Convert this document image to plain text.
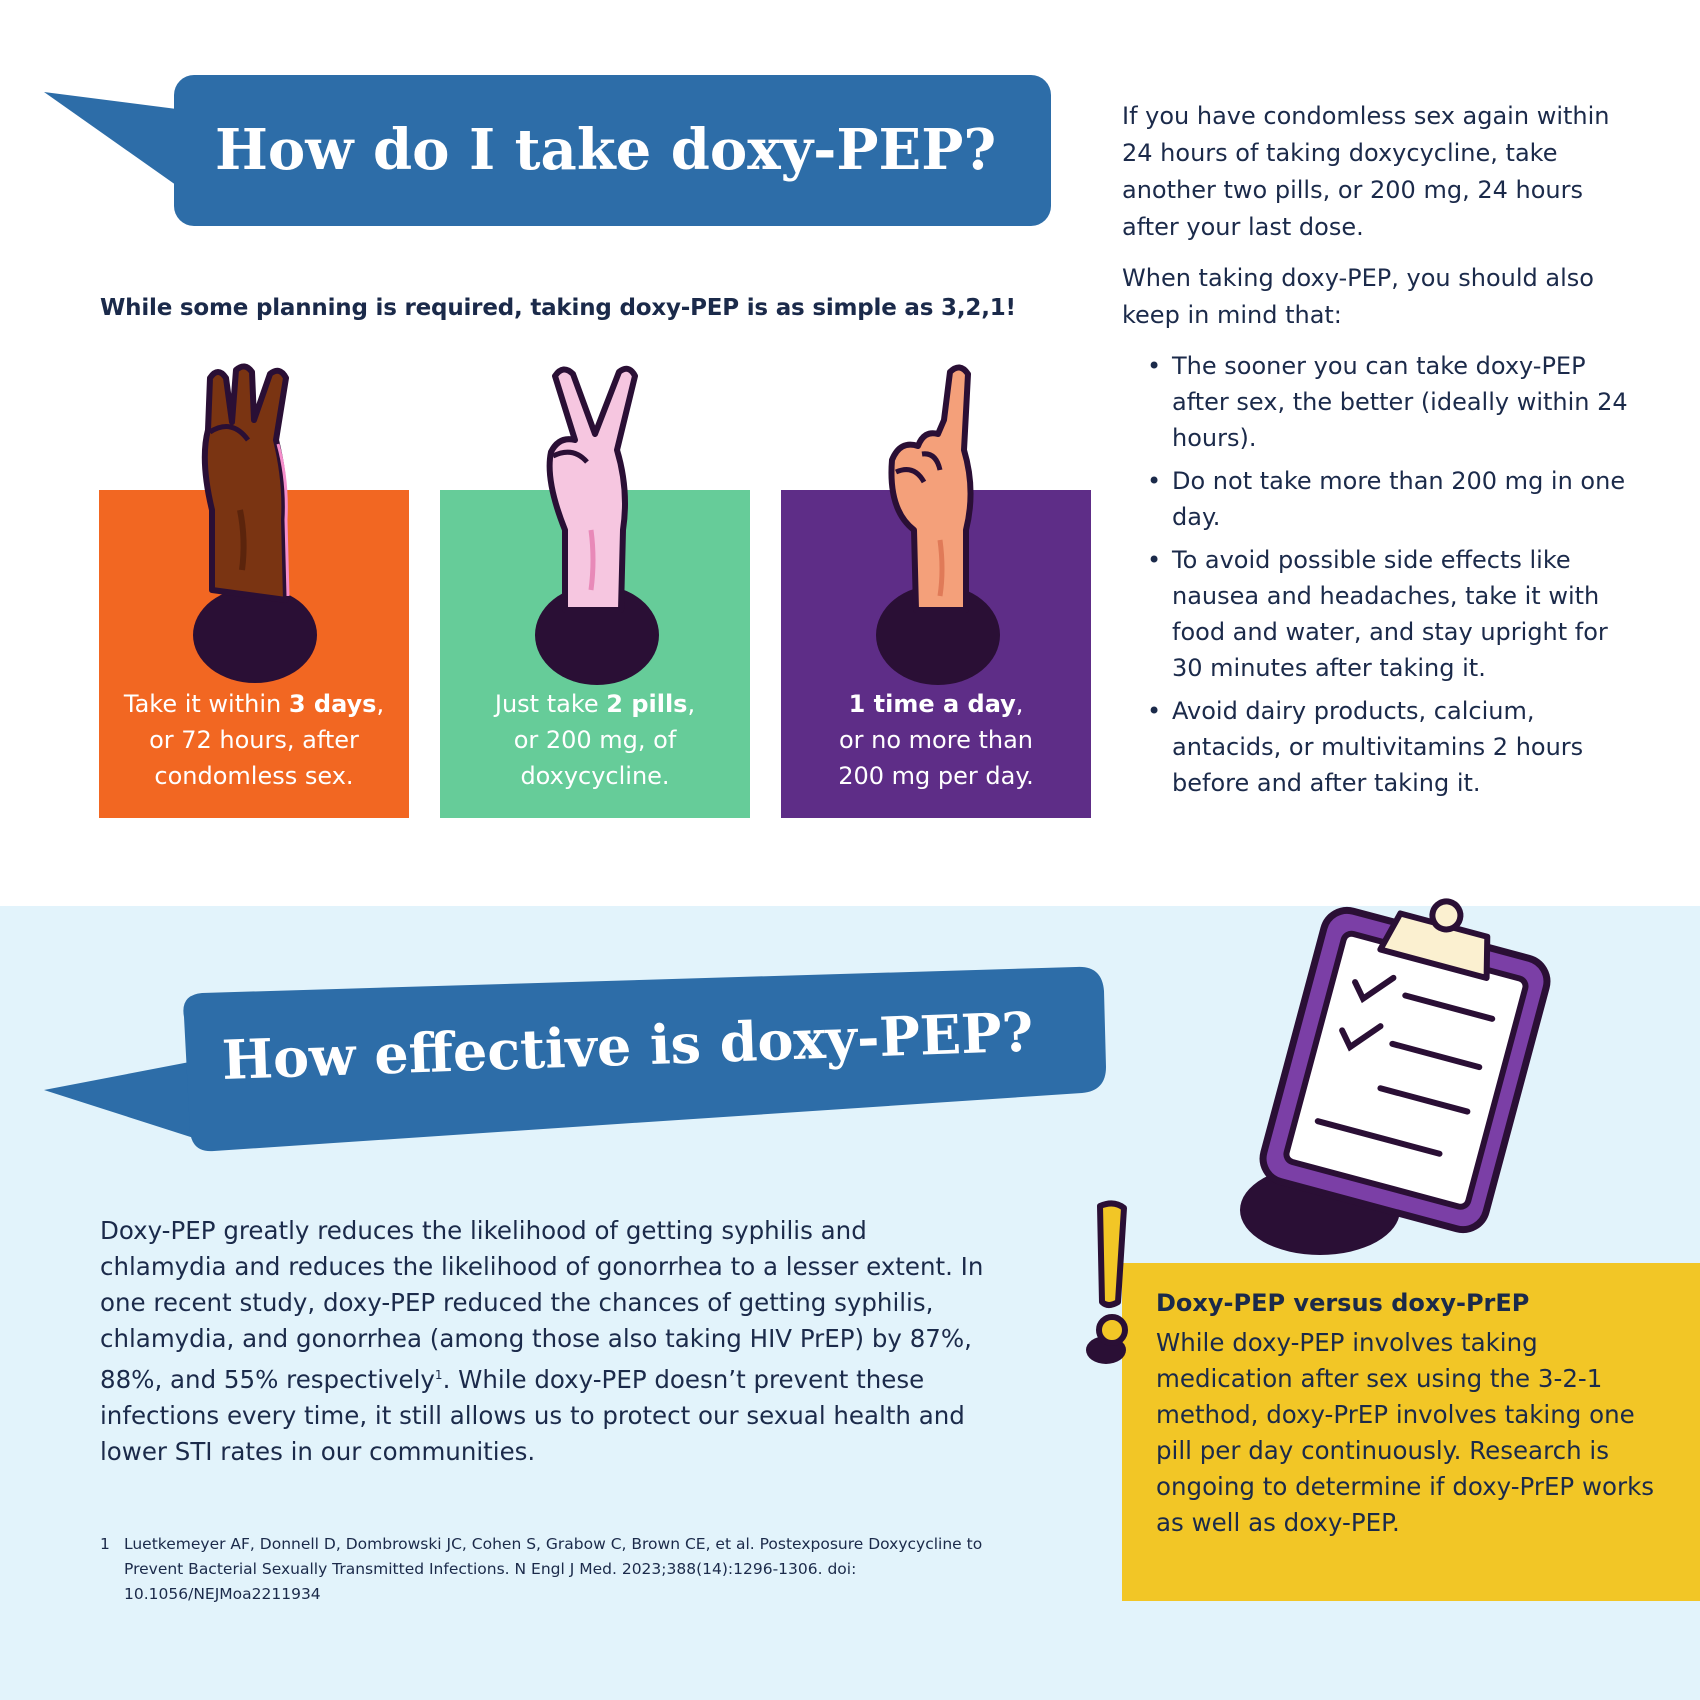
How do I take doxy-PEP?
While some planning is required, taking doxy-PEP is as simple as 3,2,1!
Take it within 3 days,
or 72 hours, after
condomless sex.
Just take 2 pills,
or 200 mg, of
doxycycline.
1 time a day,
or no more than
200 mg per day.

If you have condomless sex again within 24 hours of taking doxycycline, take another two pills, or 200 mg, 24 hours after your last dose.

When taking doxy-PEP, you should also keep in mind that:

• The sooner you can take doxy-PEP after sex, the better (ideally within 24 hours).
• Do not take more than 200 mg in one day.
• To avoid possible side effects like nausea and headaches, take it with food and water, and stay upright for 30 minutes after taking it.
• Avoid dairy products, calcium, antacids, or multivitamins 2 hours before and after taking it.
How effective is doxy-PEP?
Doxy-PEP greatly reduces the likelihood of getting syphilis and chlamydia and reduces the likelihood of gonorrhea to a lesser extent. In one recent study, doxy-PEP reduced the chances of getting syphilis, chlamydia, and gonorrhea (among those also taking HIV PrEP) by 87%, 88%, and 55% respectively$^1$. While doxy-PEP doesn’t prevent these infections every time, it still allows us to protect our sexual health and lower STI rates in our communities.
1 Luetkemeyer AF, Donnell D, Dombrowski JC, Cohen S, Grabow C, Brown CE, et al. Postexposure Doxycycline to Prevent Bacterial Sexually Transmitted Infections. N Engl J Med. 2023;388(14):1296-1306. doi: 10.1056/NEJMoa2211934
Doxy-PEP versus doxy-PrEP
While doxy-PEP involves taking medication after sex using the 3-2-1 method, doxy-PrEP involves taking one pill per day continuously. Research is ongoing to determine if doxy-PrEP works as well as doxy-PEP.
